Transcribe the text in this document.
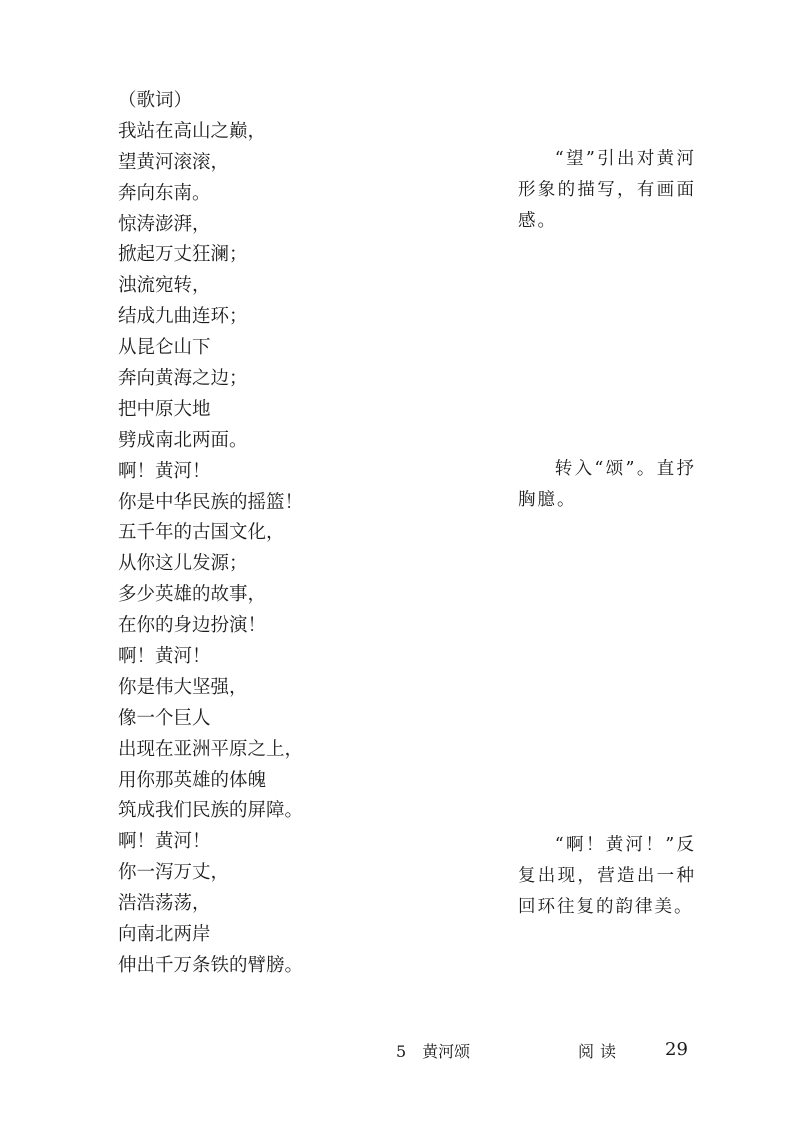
（歌词）
我站在高山之巅，
望黄河滚滚，
奔向东南。
惊涛澎湃，
掀起万丈狂澜；
浊流宛转，
结成九曲连环；
从昆仑山下
奔向黄海之边；
把中原大地
劈成南北两面。
啊！黄河！
你是中华民族的摇篮！
五千年的古国文化，
从你这儿发源；
多少英雄的故事，
在你的身边扮演！
啊！黄河！
你是伟大坚强，
像一个巨人
出现在亚洲平原之上，
用你那英雄的体魄
筑成我们民族的屏障。
啊！黄河！
你一泻万丈，
浩浩荡荡，
向南北两岸
伸出千万条铁的臂膀。

“望”引出对黄河形象的描写，有画面感。

转入“颂”。直抒胸臆。

“啊！黄河！”反复出现，营造出一种回环往复的韵律美。

5　黄河颂	阅读 29
